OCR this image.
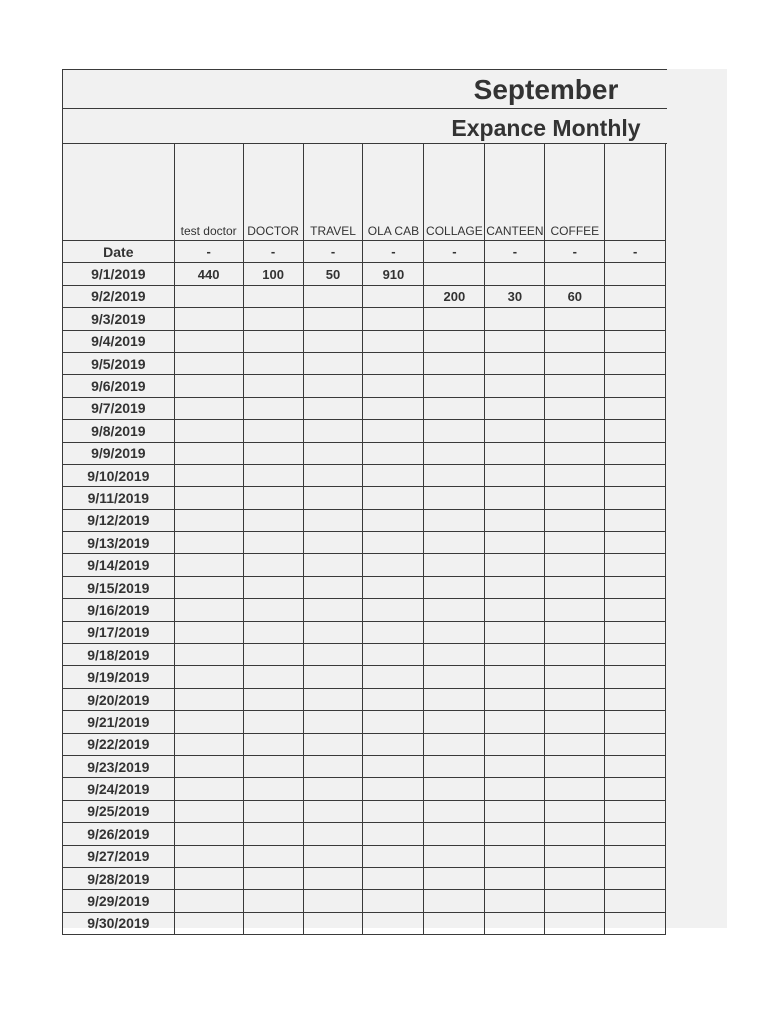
September
Expance Monthly
	test doctor	DOCTOR	TRAVEL	OLA CAB	COLLAGE	CANTEEN	COFFEE	
Date	-	-	-	-	-	-	-	-
9/1/2019	440	100	50	910				
9/2/2019					200	30	60	
9/3/2019								
9/4/2019								
9/5/2019								
9/6/2019								
9/7/2019								
9/8/2019								
9/9/2019								
9/10/2019								
9/11/2019								
9/12/2019								
9/13/2019								
9/14/2019								
9/15/2019								
9/16/2019								
9/17/2019								
9/18/2019								
9/19/2019								
9/20/2019								
9/21/2019								
9/22/2019								
9/23/2019								
9/24/2019								
9/25/2019								
9/26/2019								
9/27/2019								
9/28/2019								
9/29/2019								
9/30/2019								
